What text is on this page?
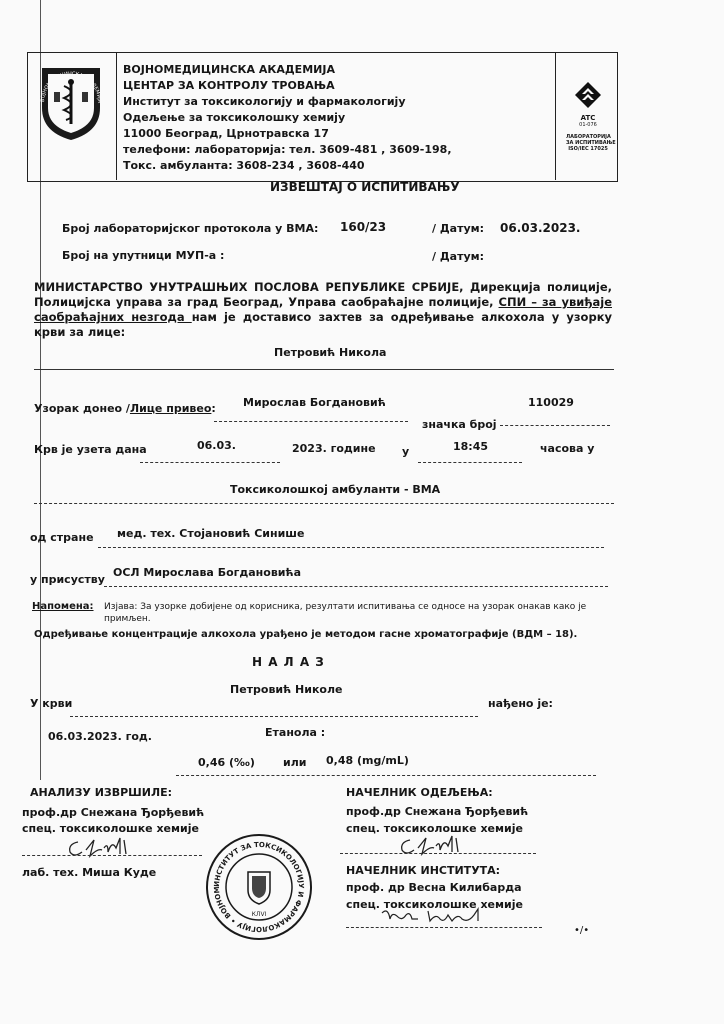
ВОЈНОМЕДИЦИНСКА АКАДЕМИЈА
ВОЈНОМЕДИЦИНСКА АКАДЕМИЈА
ЦЕНТАР ЗА КОНТРОЛУ ТРОВАЊА
Институт за токсикологију и фармакологију
Одељење за токсиколошку хемију
11000 Београд, Црнотравска 17
телефони: лабораторија: тел. 3609-481 , 3609-198,
Токс. амбуланта: 3608-234 , 3608-440
ATC
01-076
ЛАБОРАТОРИЈА
ЗА ИСПИТИВАЊЕ
ISO/IEC 17025
ИЗВЕШТАЈ О ИСПИТИВАЊУ
Број лабораторијског протокола у ВМА: 160/23	/ Датум: 06.03.2023.
Број на упутници МУП-а :	/ Датум:
МИНИСТАРСТВО УНУТРАШЊИХ ПОСЛОВА РЕПУБЛИКЕ СРБИЈЕ, Дирекција полиције, Полицијска управа за град Београд, Управа саобраћајне полиције, СПИ – за увиђаје саобраћајних незгода нам је достависо захтев за одређивање алкохола у узорку крви за лице:
Петровић Никола
Узорак донео /Лице привео: Мирослав Богдановић	110029
значка број
Крв је узета дана	06.03.	2023. године у	18:45	часова у
Токсиколошкој амбуланти - ВМА
од стране мед. тех. Стојановић Синише
у присуству
ОСЛ Мирослава Богдановића
Напомена: Изјава: За узорке добијене од корисника, резултати испитивања се односе на узорак онакав како је примљен.
Одређивање концентрације алкохола урађено је методом гасне хроматографије (ВДМ – 18).
Н А Л А З
Петровић Николе
У крви	нађено је:
06.03.2023. год.	Етанола :
0,46 (‰)	или 0,48 (mg/mL)
АНАЛИЗУ ИЗВРШИЛЕ:
проф.др Снежана Ђорђевић
спец. токсиколошке хемије
лаб. тех. Миша Куде
ИНСТИТУТ ЗА ТОКСИКОЛОГИЈУ И ФАРМАКОЛОГИЈУ • ВОЈНОМ
КЛVI
НАЧЕЛНИК ОДЕЉЕЊА:
проф.др Снежана Ђорђевић
спец. токсиколошке хемије
НАЧЕЛНИК ИНСТИТУТА:
проф. др Весна Килибарда
спец. токсиколошке хемије
•/•
